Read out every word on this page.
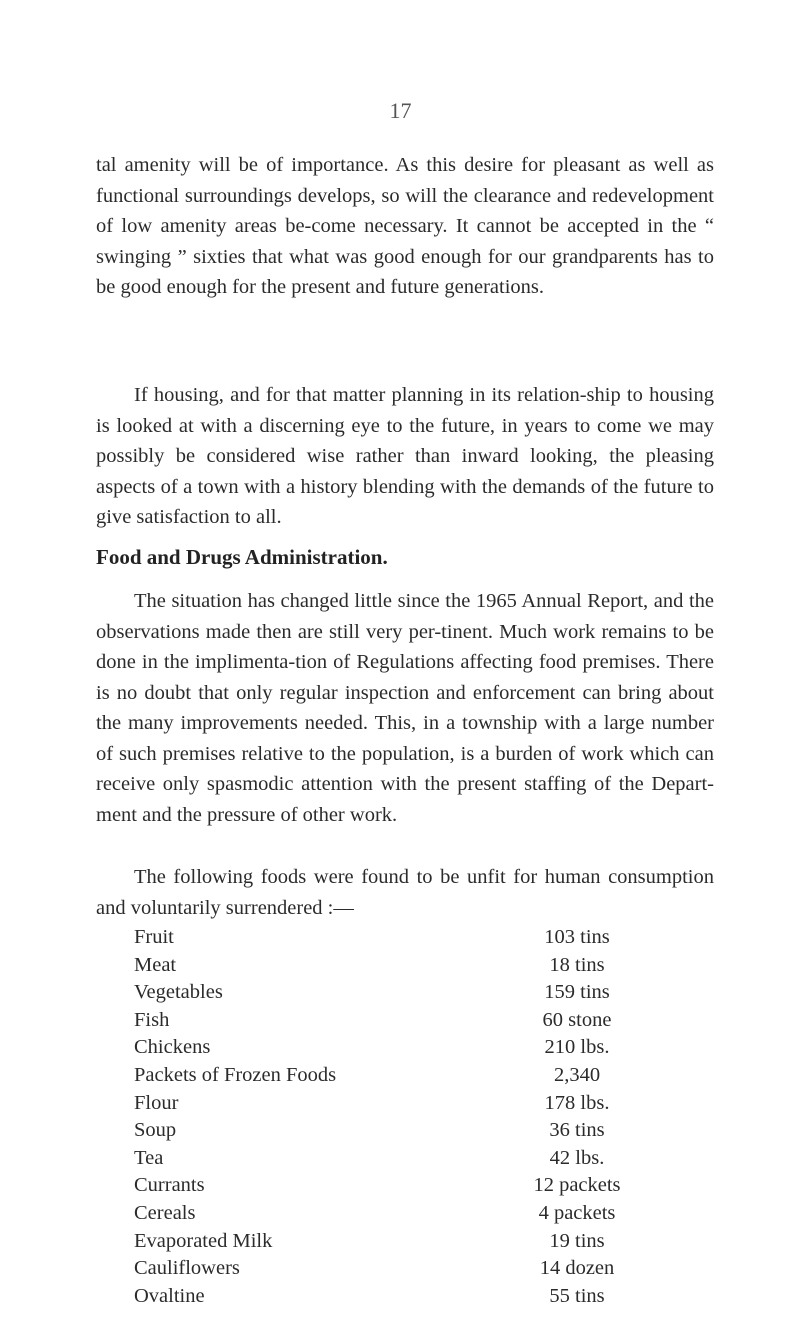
17

tal amenity will be of importance. As this desire for pleasant as well as functional surroundings develops, so will the clearance and redevelopment of low amenity areas be-come necessary. It cannot be accepted in the “ swinging ” sixties that what was good enough for our grandparents has to be good enough for the present and future generations.

If housing, and for that matter planning in its relation-ship to housing is looked at with a discerning eye to the future, in years to come we may possibly be considered wise rather than inward looking, the pleasing aspects of a town with a history blending with the demands of the future to give satisfaction to all.

Food and Drugs Administration.

The situation has changed little since the 1965 Annual Report, and the observations made then are still very per-tinent. Much work remains to be done in the implimenta-tion of Regulations affecting food premises. There is no doubt that only regular inspection and enforcement can bring about the many improvements needed. This, in a township with a large number of such premises relative to the population, is a burden of work which can receive only spasmodic attention with the present staffing of the Depart-ment and the pressure of other work.

The following foods were found to be unfit for human consumption and voluntarily surrendered :—

Fruit	103 tins
Meat	18 tins
Vegetables	159 tins
Fish	60 stone
Chickens	210 lbs.
Packets of Frozen Foods	2,340
Flour	178 lbs.
Soup	36 tins
Tea	42 lbs.
Currants	12 packets
Cereals	4 packets
Evaporated Milk	19 tins
Cauliflowers	14 dozen
Ovaltine	55 tins
